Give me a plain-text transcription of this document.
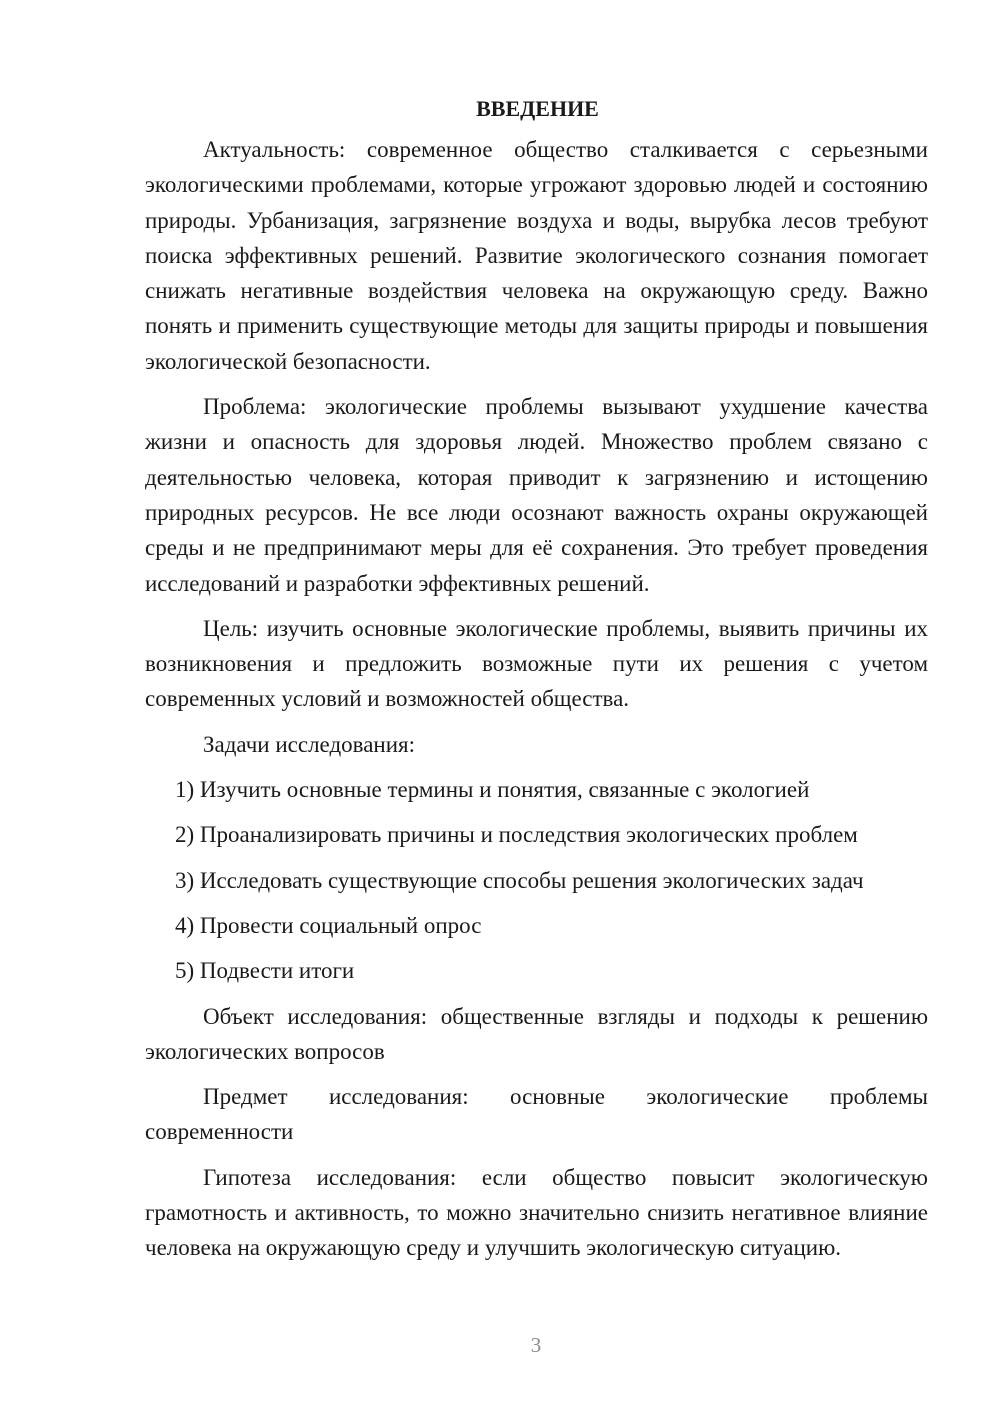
ВВЕДЕНИЕ

Актуальность: современное общество сталкивается с серьезными экологическими проблемами, которые угрожают здоровью людей и состоянию природы. Урбанизация, загрязнение воздуха и воды, вырубка лесов требуют поиска эффективных решений. Развитие экологического сознания помогает снижать негативные воздействия человека на окружающую среду. Важно понять и применить существующие методы для защиты природы и повышения экологической безопасности.

Проблема: экологические проблемы вызывают ухудшение качества жизни и опасность для здоровья людей. Множество проблем связано с деятельностью человека, которая приводит к загрязнению и истощению природных ресурсов. Не все люди осознают важность охраны окружающей среды и не предпринимают меры для её сохранения. Это требует проведения исследований и разработки эффективных решений.

Цель: изучить основные экологические проблемы, выявить причины их возникновения и предложить возможные пути их решения с учетом современных условий и возможностей общества.

Задачи исследования:

1) Изучить основные термины и понятия, связанные с экологией
2) Проанализировать причины и последствия экологических проблем
3) Исследовать существующие способы решения экологических задач
4) Провести социальный опрос
5) Подвести итоги

Объект исследования: общественные взгляды и подходы к решению экологических вопросов

Предмет исследования: основные экологические проблемы современности

Гипотеза исследования: если общество повысит экологическую грамотность и активность, то можно значительно снизить негативное влияние человека на окружающую среду и улучшить экологическую ситуацию.

3
